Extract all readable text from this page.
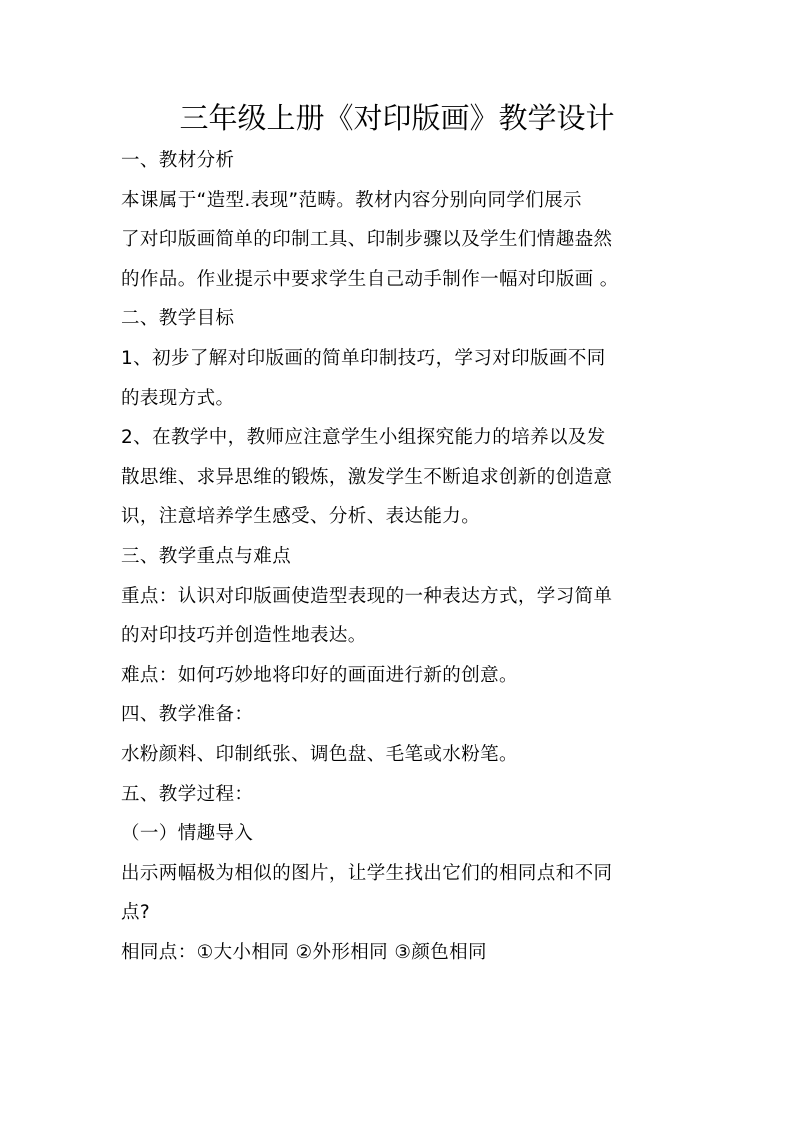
三年级上册《对印版画》教学设计
一、教材分析
本课属于“造型.表现”范畴。教材内容分别向同学们展示
了对印版画简单的印制工具、印制步骤以及学生们情趣盎然
的作品。作业提示中要求学生自己动手制作一幅对印版画 。
二、教学目标
1、初步了解对印版画的简单印制技巧，学习对印版画不同
的表现方式。
2、在教学中，教师应注意学生小组探究能力的培养以及发
散思维、求异思维的锻炼，激发学生不断追求创新的创造意
识，注意培养学生感受、分析、表达能力。
三、教学重点与难点
重点：认识对印版画使造型表现的一种表达方式，学习简单
的对印技巧并创造性地表达。
难点：如何巧妙地将印好的画面进行新的创意。
四、教学准备：
水粉颜料、印制纸张、调色盘、毛笔或水粉笔。
五、教学过程：
（一）情趣导入
出示两幅极为相似的图片，让学生找出它们的相同点和不同
点?
相同点：①大小相同 ②外形相同 ③颜色相同
